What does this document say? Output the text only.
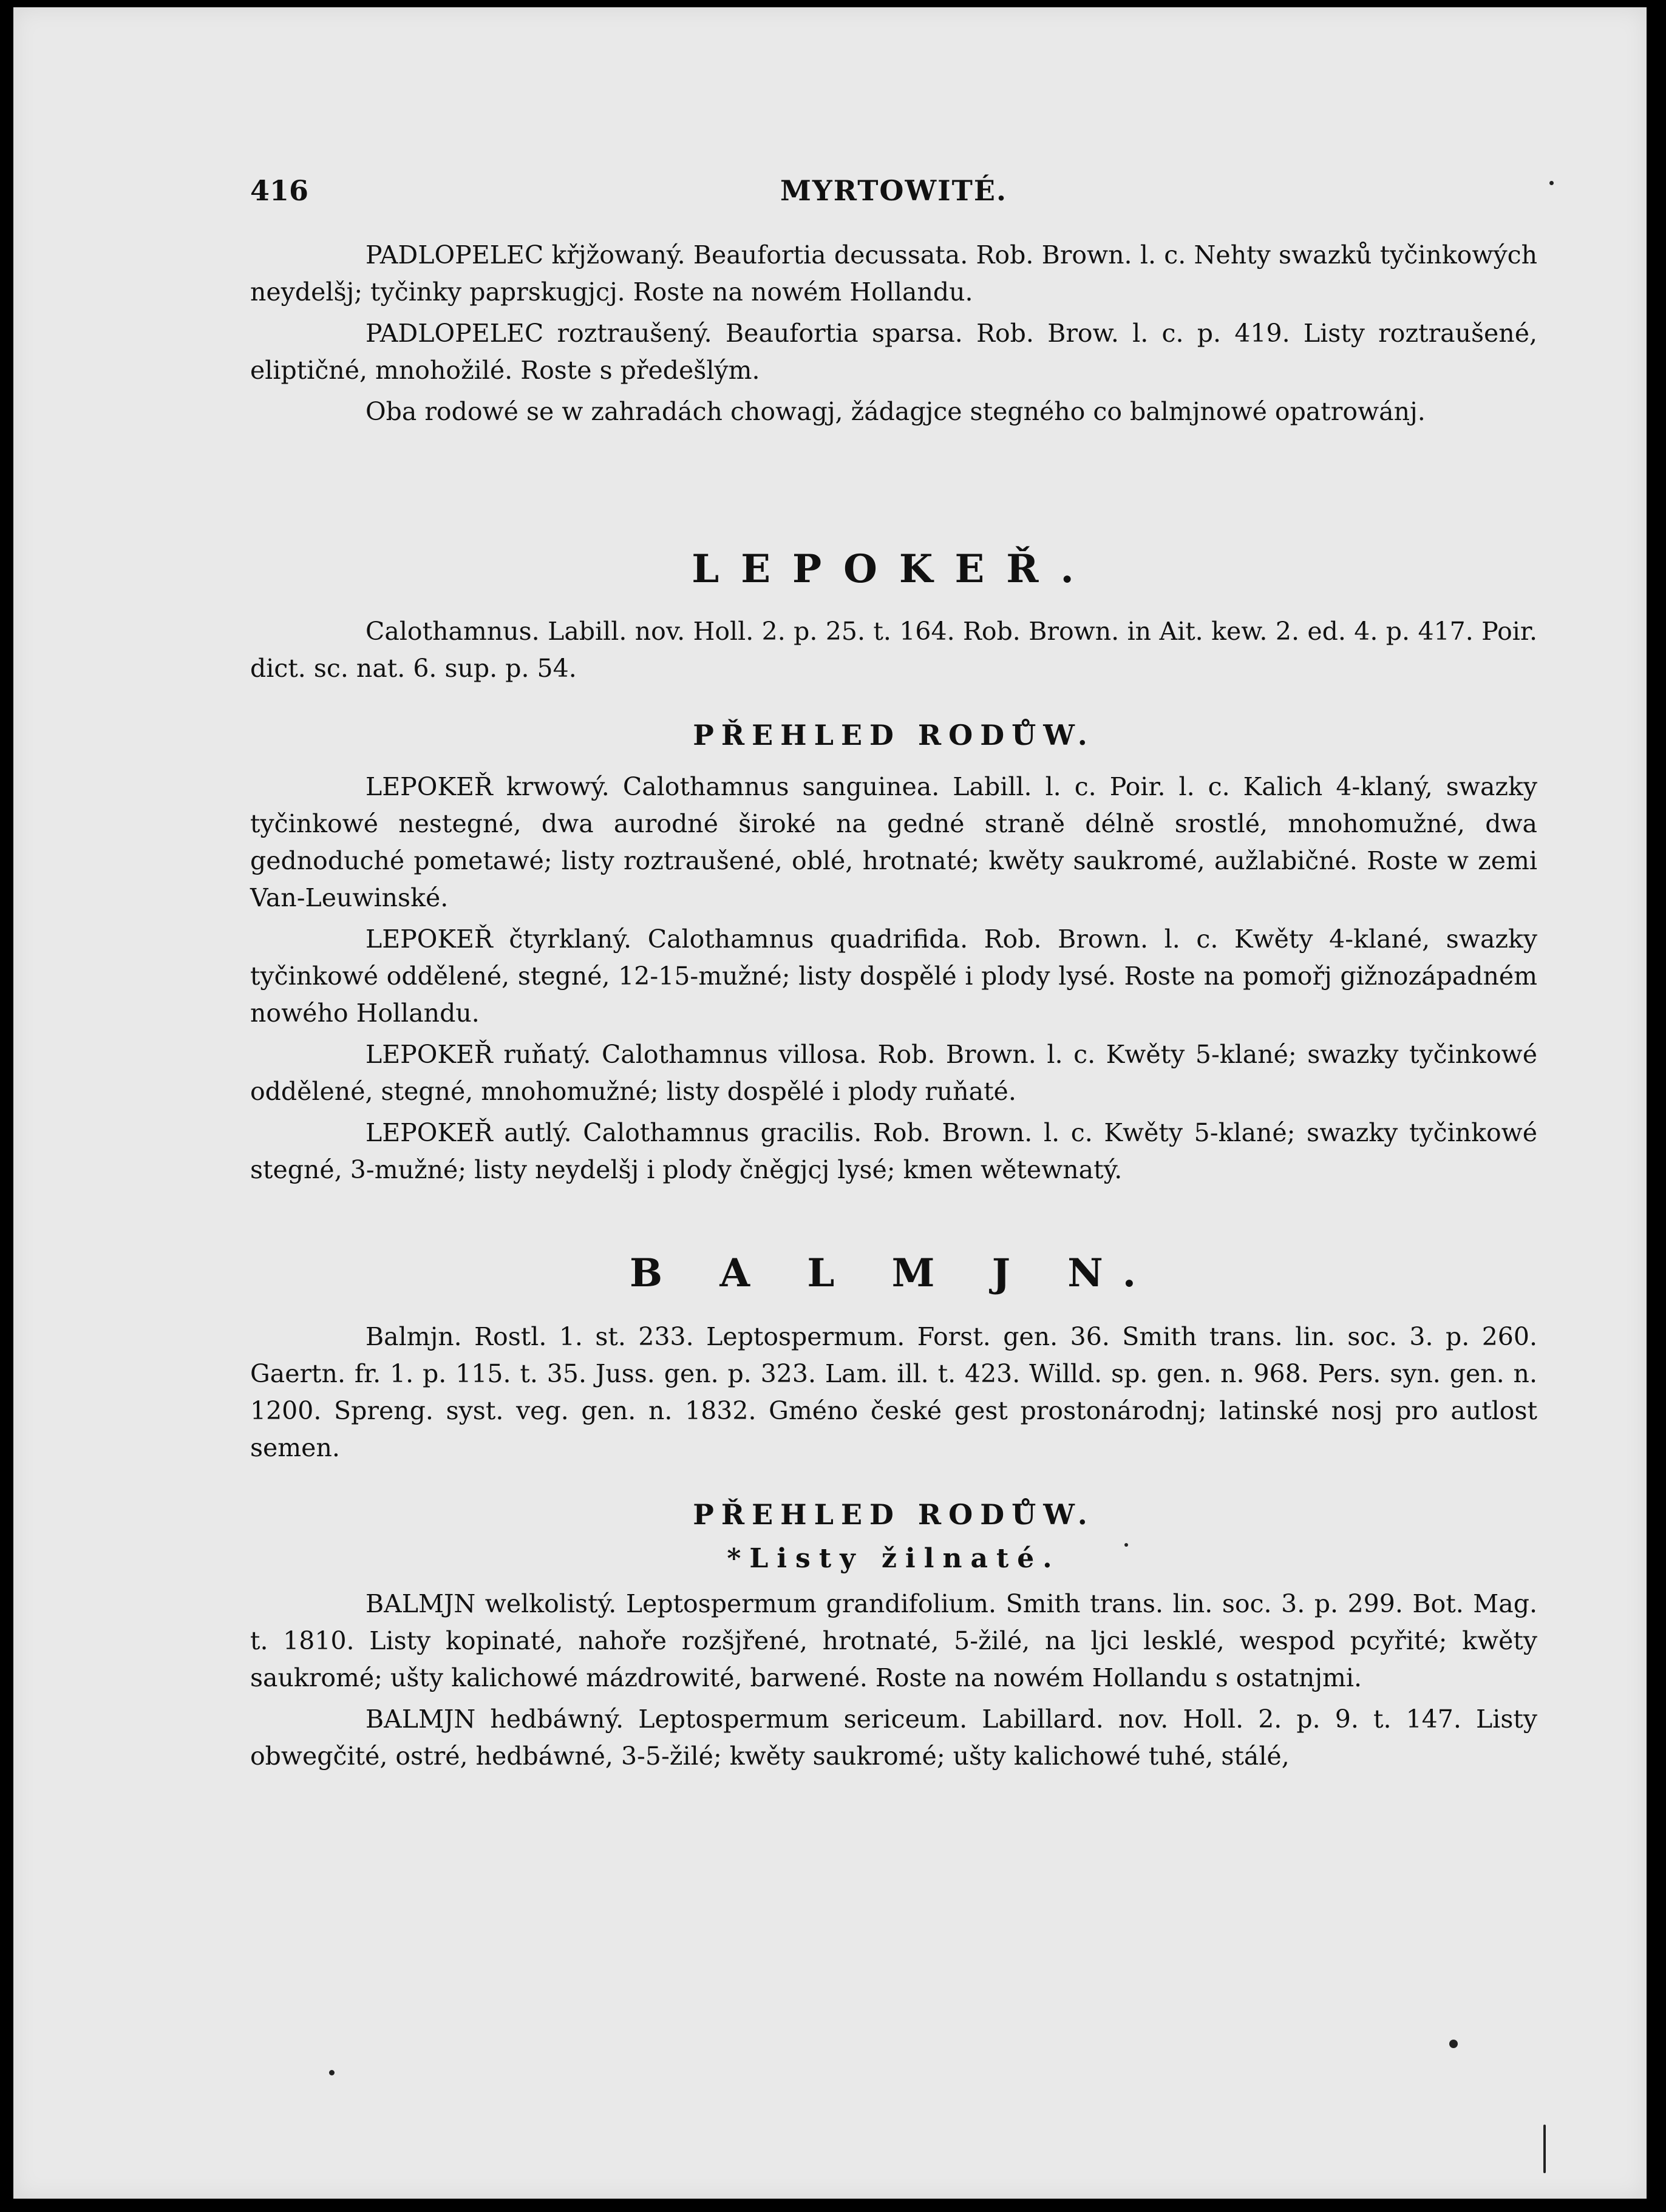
416	MYRTOWITÉ.

PADLOPELEC křjžowaný. Beaufortia decussata. Rob. Brown. l. c. Nehty swazků tyčinkowých neydelšj; tyčinky paprskugjcj. Roste na nowém Hollandu.

PADLOPELEC roztraušený. Beaufortia sparsa. Rob. Brow. l. c. p. 419. Listy roztraušené, eliptičné, mnohožilé. Roste s předešlým.

Oba rodowé se w zahradách chowagj, žádagjce stegného co balmjnowé opatrowánj.

LEPOKEŘ.

Calothamnus. Labill. nov. Holl. 2. p. 25. t. 164. Rob. Brown. in Ait. kew. 2. ed. 4. p. 417. Poir. dict. sc. nat. 6. sup. p. 54.

PŘEHLED RODŮW.

LEPOKEŘ krwowý. Calothamnus sanguinea. Labill. l. c. Poir. l. c. Kalich 4-klaný, swazky tyčinkowé nestegné, dwa aurodné široké na gedné straně délně srostlé, mnohomužné, dwa gednoduché pometawé; listy roztraušené, oblé, hrotnaté; kwěty saukromé, aužlabičné. Roste w zemi Van-Leuwinské.

LEPOKEŘ čtyrklaný. Calothamnus quadrifida. Rob. Brown. l. c. Kwěty 4-klané, swazky tyčinkowé oddělené, stegné, 12-15-mužné; listy dospělé i plody lysé. Roste na pomořj gižnozápadném nowého Hollandu.

LEPOKEŘ ruňatý. Calothamnus villosa. Rob. Brown. l. c. Kwěty 5-klané; swazky tyčinkowé oddělené, stegné, mnohomužné; listy dospělé i plody ruňaté.

LEPOKEŘ autlý. Calothamnus gracilis. Rob. Brown. l. c. Kwěty 5-klané; swazky tyčinkowé stegné, 3-mužné; listy neydelšj i plody čněgjcj lysé; kmen wětewnatý.

B A L M J N.

Balmjn. Rostl. 1. st. 233. Leptospermum. Forst. gen. 36. Smith trans. lin. soc. 3. p. 260. Gaertn. fr. 1. p. 115. t. 35. Juss. gen. p. 323. Lam. ill. t. 423. Willd. sp. gen. n. 968. Pers. syn. gen. n. 1200. Spreng. syst. veg. gen. n. 1832. Gméno české gest prostonárodnj; latinské nosj pro autlost semen.

PŘEHLED RODŮW.
*Listy žilnaté.

BALMJN welkolistý. Leptospermum grandifolium. Smith trans. lin. soc. 3. p. 299. Bot. Mag. t. 1810. Listy kopinaté, nahoře rozšjřené, hrotnaté, 5-žilé, na ljci lesklé, wespod pcyřité; kwěty saukromé; ušty kalichowé mázdrowité, barwené. Roste na nowém Hollandu s ostatnjmi.

BALMJN hedbáwný. Leptospermum sericeum. Labillard. nov. Holl. 2. p. 9. t. 147. Listy obwegčité, ostré, hedbáwné, 3-5-žilé; kwěty saukromé; ušty kalichowé tuhé, stálé,
